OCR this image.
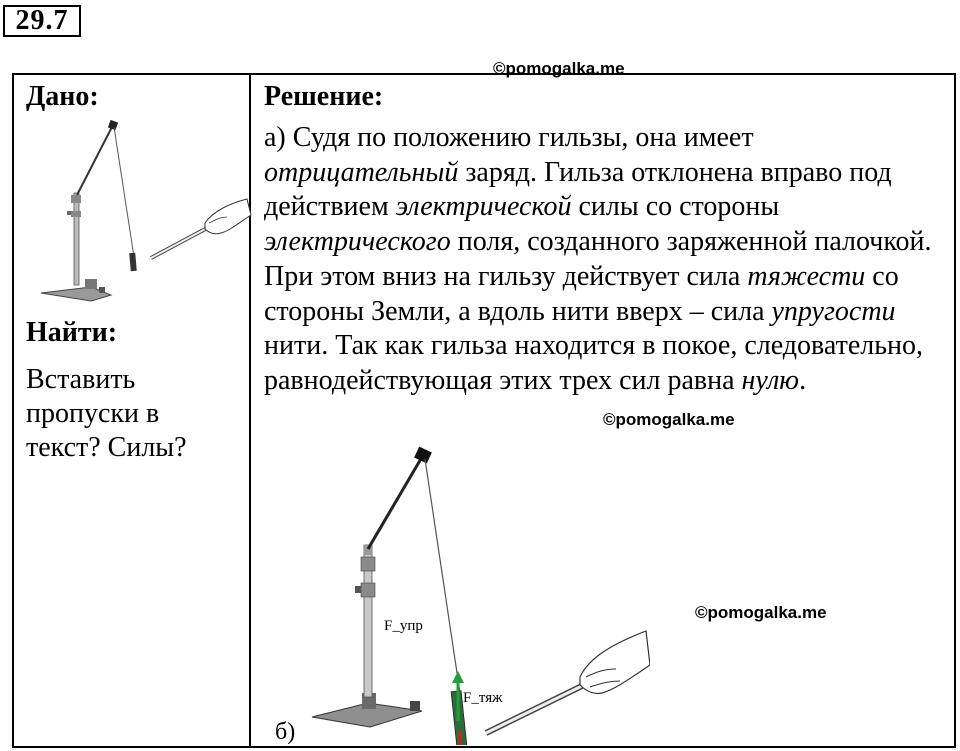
29.7
©pomogalka.me
©pomogalka.me
©pomogalka.me
Дано:
Найти:
Вставить пропуски в текст? Силы?
Решение:
а) Судя по положению гильзы, она имеет отрицательный заряд. Гильза отклонена вправо под действием электрической силы со стороны электрического поля, созданного заряженной палочкой. При этом вниз на гильзу действует сила тяжести со стороны Земли, а вдоль нити вверх – сила упругости нити. Так как гильза находится в покое, следовательно, равнодействующая этих трех сил равна нулю.
F_упр
F_тяж
б)
